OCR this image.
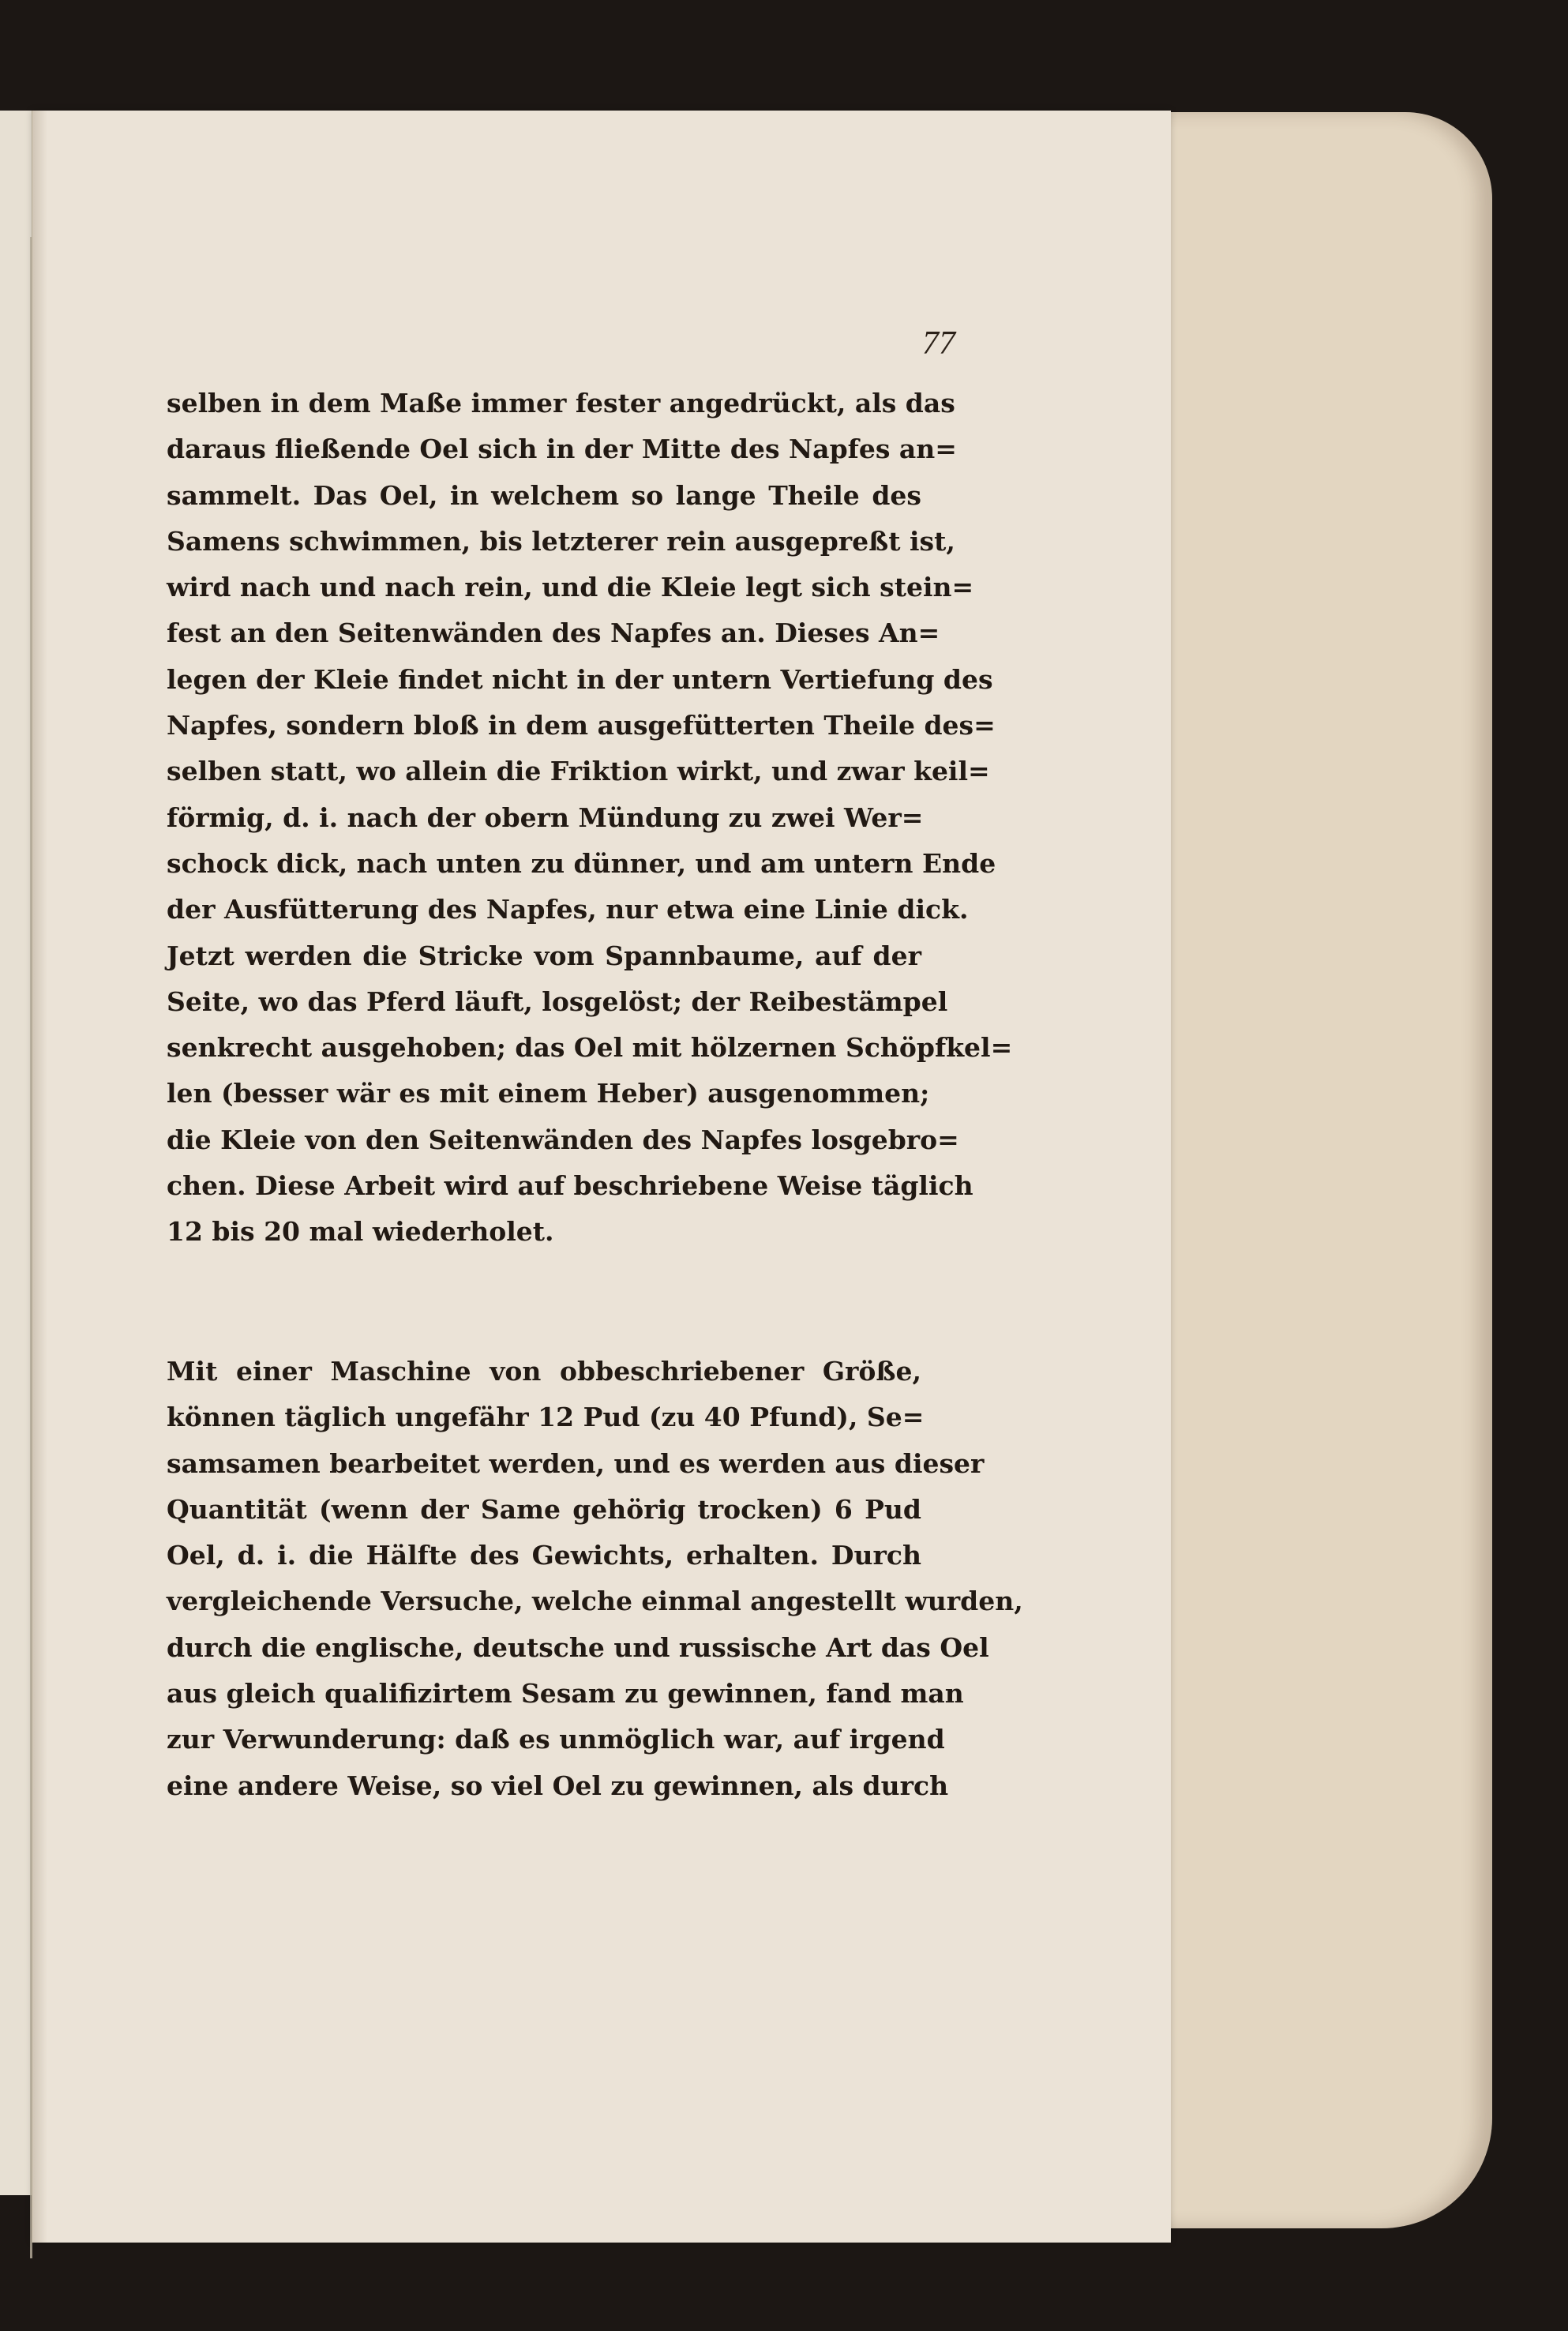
77
selben in dem Maße immer fester angedrückt, als das
daraus fließende Oel sich in der Mitte des Napfes an=
sammelt. Das Oel, in welchem so lange Theile des
Samens schwimmen, bis letzterer rein ausgepreßt ist,
wird nach und nach rein, und die Kleie legt sich stein=
fest an den Seitenwänden des Napfes an. Dieses An=
legen der Kleie findet nicht in der untern Vertiefung des
Napfes, sondern bloß in dem ausgefütterten Theile des=
selben statt, wo allein die Friktion wirkt, und zwar keil=
förmig, d. i. nach der obern Mündung zu zwei Wer=
schock dick, nach unten zu dünner, und am untern Ende
der Ausfütterung des Napfes, nur etwa eine Linie dick.
Jetzt werden die Stricke vom Spannbaume, auf der
Seite, wo das Pferd läuft, losgelöst; der Reibestämpel
senkrecht ausgehoben; das Oel mit hölzernen Schöpfkel=
len (besser wär es mit einem Heber) ausgenommen;
die Kleie von den Seitenwänden des Napfes losgebro=
chen. Diese Arbeit wird auf beschriebene Weise täglich
12 bis 20 mal wiederholet.
Mit einer Maschine von obbeschriebener Größe,
können täglich ungefähr 12 Pud (zu 40 Pfund), Se=
samsamen bearbeitet werden, und es werden aus dieser
Quantität (wenn der Same gehörig trocken) 6 Pud
Oel, d. i. die Hälfte des Gewichts, erhalten. Durch
vergleichende Versuche, welche einmal angestellt wurden,
durch die englische, deutsche und russische Art das Oel
aus gleich qualifizirtem Sesam zu gewinnen, fand man
zur Verwunderung: daß es unmöglich war, auf irgend
eine andere Weise, so viel Oel zu gewinnen, als durch
